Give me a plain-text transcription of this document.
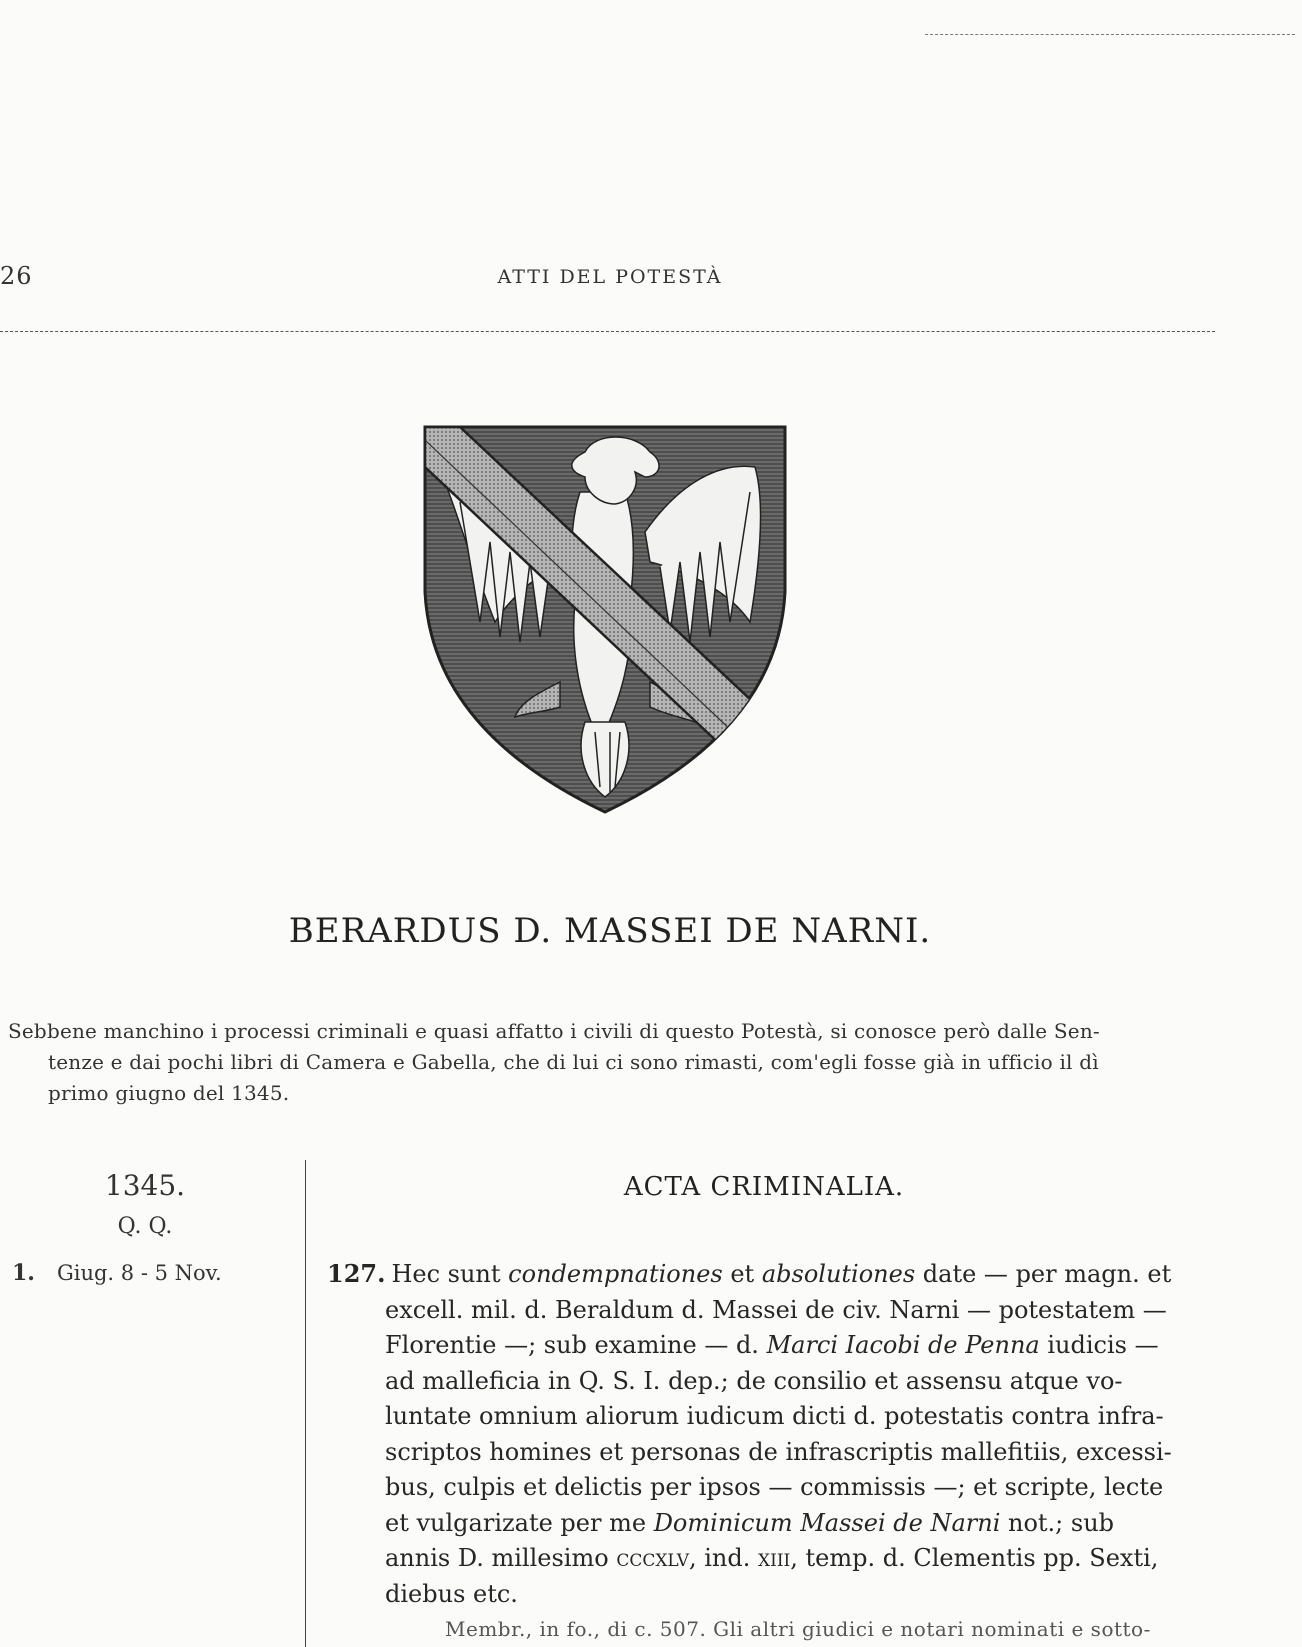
26	ATTI DEL POTESTÀ
BERARDUS D. MASSEI DE NARNI.
Sebbene manchino i processi criminali e quasi affatto i civili di questo Potestà, si conosce però dalle Sen-
tenze e dai pochi libri di Camera e Gabella, che di lui ci sono rimasti, com'egli fosse già in ufficio il dì
primo giugno del 1345.
1345.
Q. Q.
1. Giug. 8 - 5 Nov.
ACTA CRIMINALIA.

127. Hec sunt condempnationes et absolutiones date — per magn. et
excell. mil. d. Beraldum d. Massei de civ. Narni — potestatem —
Florentie —; sub examine — d. Marci Iacobi de Penna iudicis —
ad malleficia in Q. S. I. dep.; de consilio et assensu atque vo-
luntate omnium aliorum iudicum dicti d. potestatis contra infra-
scriptos homines et personas de infrascriptis mallefitiis, excessi-
bus, culpis et delictis per ipsos — commissis —; et scripte, lecte
et vulgarizate per me Dominicum Massei de Narni not.; sub
annis D. millesimo cccxlv, ind. xiii, temp. d. Clementis pp. Sexti,
diebus etc.

Membr., in fo., di c. 507. Gli altri giudici e notari nominati e sotto-
